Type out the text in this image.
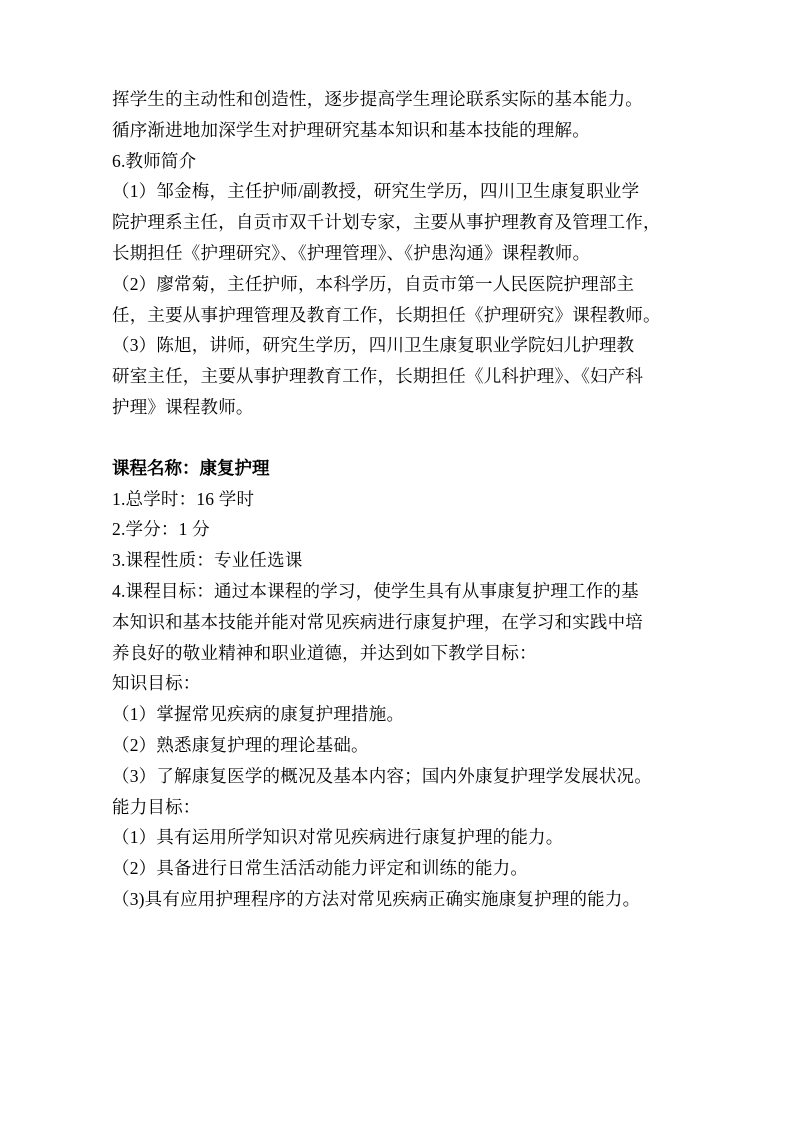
挥学生的主动性和创造性，逐步提高学生理论联系实际的基本能力。
循序渐进地加深学生对护理研究基本知识和基本技能的理解。
6.教师简介
（1）邹金梅，主任护师/副教授，研究生学历，四川卫生康复职业学
院护理系主任，自贡市双千计划专家，主要从事护理教育及管理工作，
长期担任《护理研究》、《护理管理》、《护患沟通》课程教师。
（2）廖常菊，主任护师，本科学历，自贡市第一人民医院护理部主
任，主要从事护理管理及教育工作，长期担任《护理研究》课程教师。
（3）陈旭，讲师，研究生学历，四川卫生康复职业学院妇儿护理教
研室主任，主要从事护理教育工作，长期担任《儿科护理》、《妇产科
护理》课程教师。
课程名称：康复护理
1.总学时：16 学时
2.学分：1 分
3.课程性质：专业任选课
4.课程目标：通过本课程的学习，使学生具有从事康复护理工作的基
本知识和基本技能并能对常见疾病进行康复护理，在学习和实践中培
养良好的敬业精神和职业道德，并达到如下教学目标：
知识目标：
（1）掌握常见疾病的康复护理措施。
（2）熟悉康复护理的理论基础。
（3）了解康复医学的概况及基本内容；国内外康复护理学发展状况。
能力目标：
（1）具有运用所学知识对常见疾病进行康复护理的能力。
（2）具备进行日常生活活动能力评定和训练的能力。
（3)具有应用护理程序的方法对常见疾病正确实施康复护理的能力。
